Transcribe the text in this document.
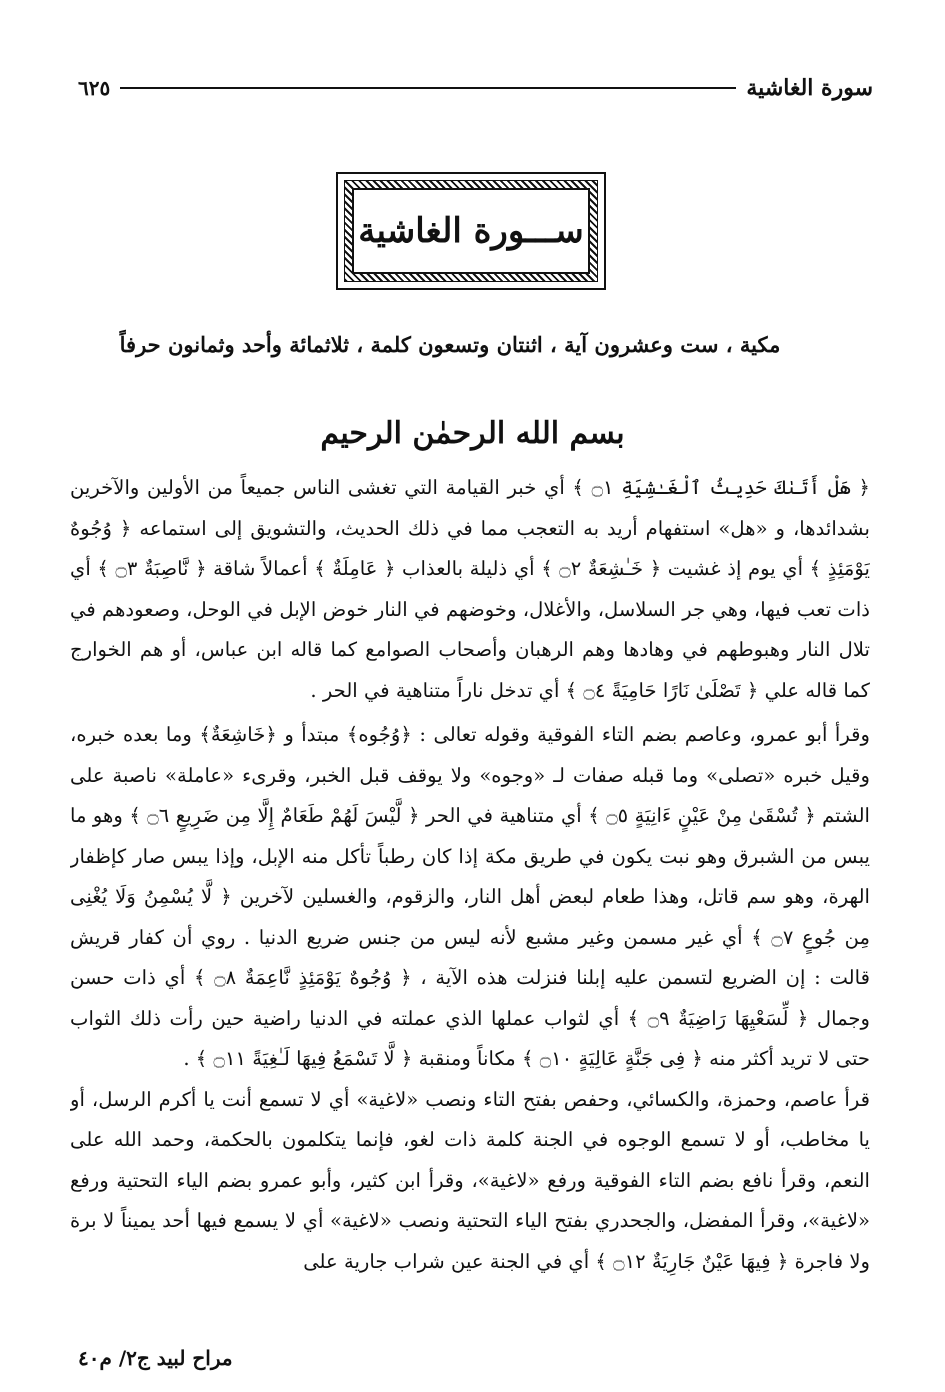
سورة الغاشية
٦٢٥
ســـورة الغاشية
مكية ، ست وعشرون آية ، اثنتان وتسعون كلمة ، ثلاثمائة وأحد وثمانون حرفاً
بسم الله الرحمٰن الرحيم

﴿ هَلْ أَتَىٰكَ حَدِيثُ ٱلْغَـٰشِيَةِ ۝١ ﴾ أي خبر القيامة التي تغشى الناس جميعاً من الأولين والآخرين بشدائدها، و «هل» استفهام أريد به التعجب مما في ذلك الحديث، والتشويق إلى استماعه ﴿ وُجُوهٌ يَوْمَئِذٍ ﴾ أي يوم إذ غشيت ﴿ خَـٰشِعَةٌ ۝٢ ﴾ أي ذليلة بالعذاب ﴿ عَامِلَةٌ ﴾ أعمالاً شاقة ﴿ نَّاصِبَةٌ ۝٣ ﴾ أي ذات تعب فيها، وهي جر السلاسل، والأغلال، وخوضهم في النار خوض الإبل في الوحل، وصعودهم في تلال النار وهبوطهم في وهادها وهم الرهبان وأصحاب الصوامع كما قاله ابن عباس، أو هم الخوارج كما قاله علي ﴿ تَصْلَىٰ نَارًا حَامِيَةً ۝٤ ﴾ أي تدخل ناراً متناهية في الحر .

وقرأ أبو عمرو، وعاصم بضم التاء الفوقية وقوله تعالى : ﴿وُجُوه﴾ مبتدأ و ﴿خَاشِعَةٌ﴾ وما بعده خبره، وقيل خبره «تصلى» وما قبله صفات لـ «وجوه» ولا يوقف قبل الخبر، وقرىء «عاملة» ناصبة على الشتم ﴿ تُسْقَىٰ مِنْ عَيْنٍ ءَانِيَةٍ ۝٥ ﴾ أي متناهية في الحر ﴿ لَّيْسَ لَهُمْ طَعَامٌ إِلَّا مِن ضَرِيعٍ ۝٦ ﴾ وهو ما يبس من الشبرق وهو نبت يكون في طريق مكة إذا كان رطباً تأكل منه الإبل، وإذا يبس صار كإظفار الهرة، وهو سم قاتل، وهذا طعام لبعض أهل النار، والزقوم، والغسلين لآخرين ﴿ لَّا يُسْمِنُ وَلَا يُغْنِى مِن جُوعٍ ۝٧ ﴾ أي غير مسمن وغير مشبع لأنه ليس من جنس ضريع الدنيا . روي أن كفار قريش قالت : إن الضريع لتسمن عليه إبلنا فنزلت هذه الآية ، ﴿ وُجُوهٌ يَوْمَئِذٍ نَّاعِمَةٌ ۝٨ ﴾ أي ذات حسن وجمال ﴿ لِّسَعْيِهَا رَاضِيَةٌ ۝٩ ﴾ أي لثواب عملها الذي عملته في الدنيا راضية حين رأت ذلك الثواب حتى لا تريد أكثر منه ﴿ فِى جَنَّةٍ عَالِيَةٍ ۝١٠ ﴾ مكاناً ومنقبة ﴿ لَّا تَسْمَعُ فِيهَا لَـٰغِيَةً ۝١١ ﴾ .

قرأ عاصم، وحمزة، والكسائي، وحفص بفتح التاء ونصب «لاغية» أي لا تسمع أنت يا أكرم الرسل، أو يا مخاطب، أو لا تسمع الوجوه في الجنة كلمة ذات لغو، فإنما يتكلمون بالحكمة، وحمد الله على النعم، وقرأ نافع بضم التاء الفوقية ورفع «لاغية»، وقرأ ابن كثير، وأبو عمرو بضم الياء التحتية ورفع «لاغية»، وقرأ المفضل، والجحدري بفتح الياء التحتية ونصب «لاغية» أي لا يسمع فيها أحد يميناً لا برة ولا فاجرة ﴿ فِيهَا عَيْنٌ جَارِيَةٌ ۝١٢ ﴾ أي في الجنة عين شراب جارية على

مراح لبيد ج٢/ م٤٠
